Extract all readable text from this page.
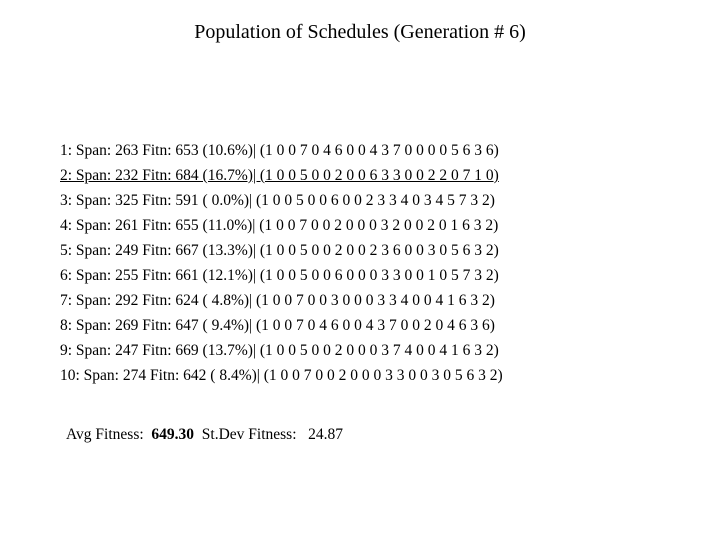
Population of Schedules (Generation # 6)
1: Span: 263 Fitn: 653 (10.6%)| (1 0 0 7 0 4 6 0 0 4 3 7 0 0 0 0 5 6 3 6)
2: Span: 232 Fitn: 684 (16.7%)| (1 0 0 5 0 0 2 0 0 6 3 3 0 0 2 2 0 7 1 0)
3: Span: 325 Fitn: 591 ( 0.0%)| (1 0 0 5 0 0 6 0 0 2 3 3 4 0 3 4 5 7 3 2)
4: Span: 261 Fitn: 655 (11.0%)| (1 0 0 7 0 0 2 0 0 0 3 2 0 0 2 0 1 6 3 2)
5: Span: 249 Fitn: 667 (13.3%)| (1 0 0 5 0 0 2 0 0 2 3 6 0 0 3 0 5 6 3 2)
6: Span: 255 Fitn: 661 (12.1%)| (1 0 0 5 0 0 6 0 0 0 3 3 0 0 1 0 5 7 3 2)
7: Span: 292 Fitn: 624 ( 4.8%)| (1 0 0 7 0 0 3 0 0 0 3 3 4 0 0 4 1 6 3 2)
8: Span: 269 Fitn: 647 ( 9.4%)| (1 0 0 7 0 4 6 0 0 4 3 7 0 0 2 0 4 6 3 6)
9: Span: 247 Fitn: 669 (13.7%)| (1 0 0 5 0 0 2 0 0 0 3 7 4 0 0 4 1 6 3 2)
10: Span: 274 Fitn: 642 ( 8.4%)| (1 0 0 7 0 0 2 0 0 0 3 3 0 0 3 0 5 6 3 2)
Avg Fitness: 649.30 St.Dev Fitness: 24.87
